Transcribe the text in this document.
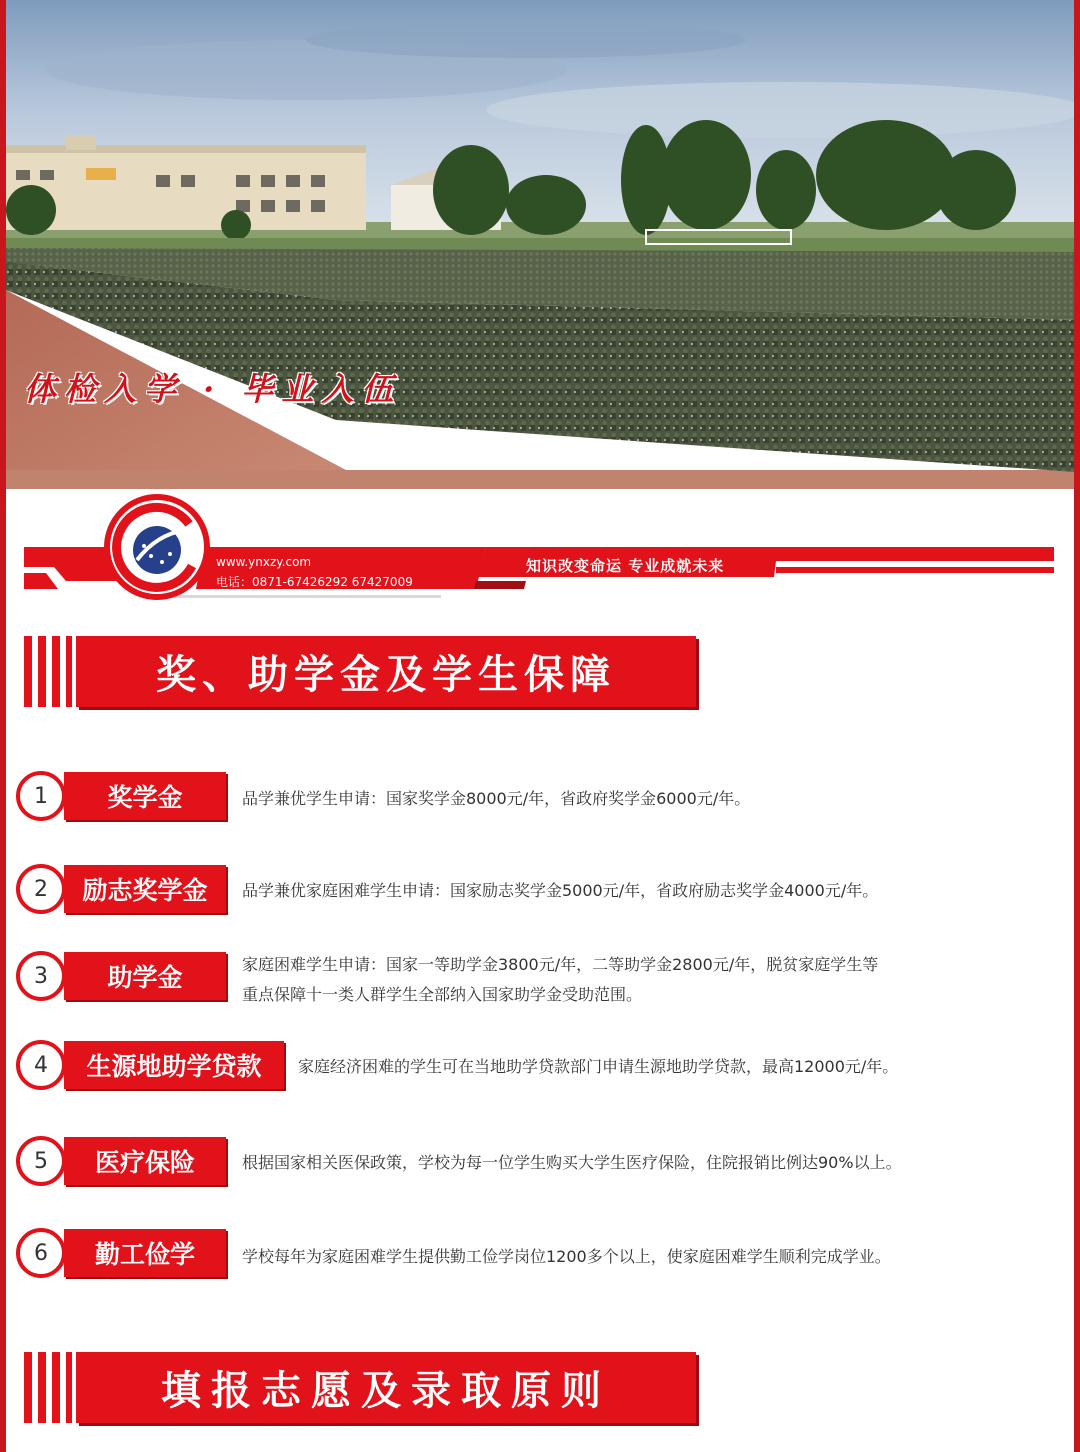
体检入学 · 毕业入伍
www.ynxzy.com
电话：0871-67426292 67427009
知识改变命运 专业成就未来
奖、助学金及学生保障
1	奖学金	品学兼优学生申请：国家奖学金8000元/年，省政府奖学金6000元/年。
2	励志奖学金	品学兼优家庭困难学生申请：国家励志奖学金5000元/年，省政府励志奖学金4000元/年。
3	助学金	家庭困难学生申请：国家一等助学金3800元/年，二等助学金2800元/年，脱贫家庭学生等
重点保障十一类人群学生全部纳入国家助学金受助范围。
4	生源地助学贷款	家庭经济困难的学生可在当地助学贷款部门申请生源地助学贷款，最高12000元/年。
5	医疗保险	根据国家相关医保政策，学校为每一位学生购买大学生医疗保险，住院报销比例达90%以上。
6	勤工俭学	学校每年为家庭困难学生提供勤工俭学岗位1200多个以上，使家庭困难学生顺利完成学业。
填报志愿及录取原则
